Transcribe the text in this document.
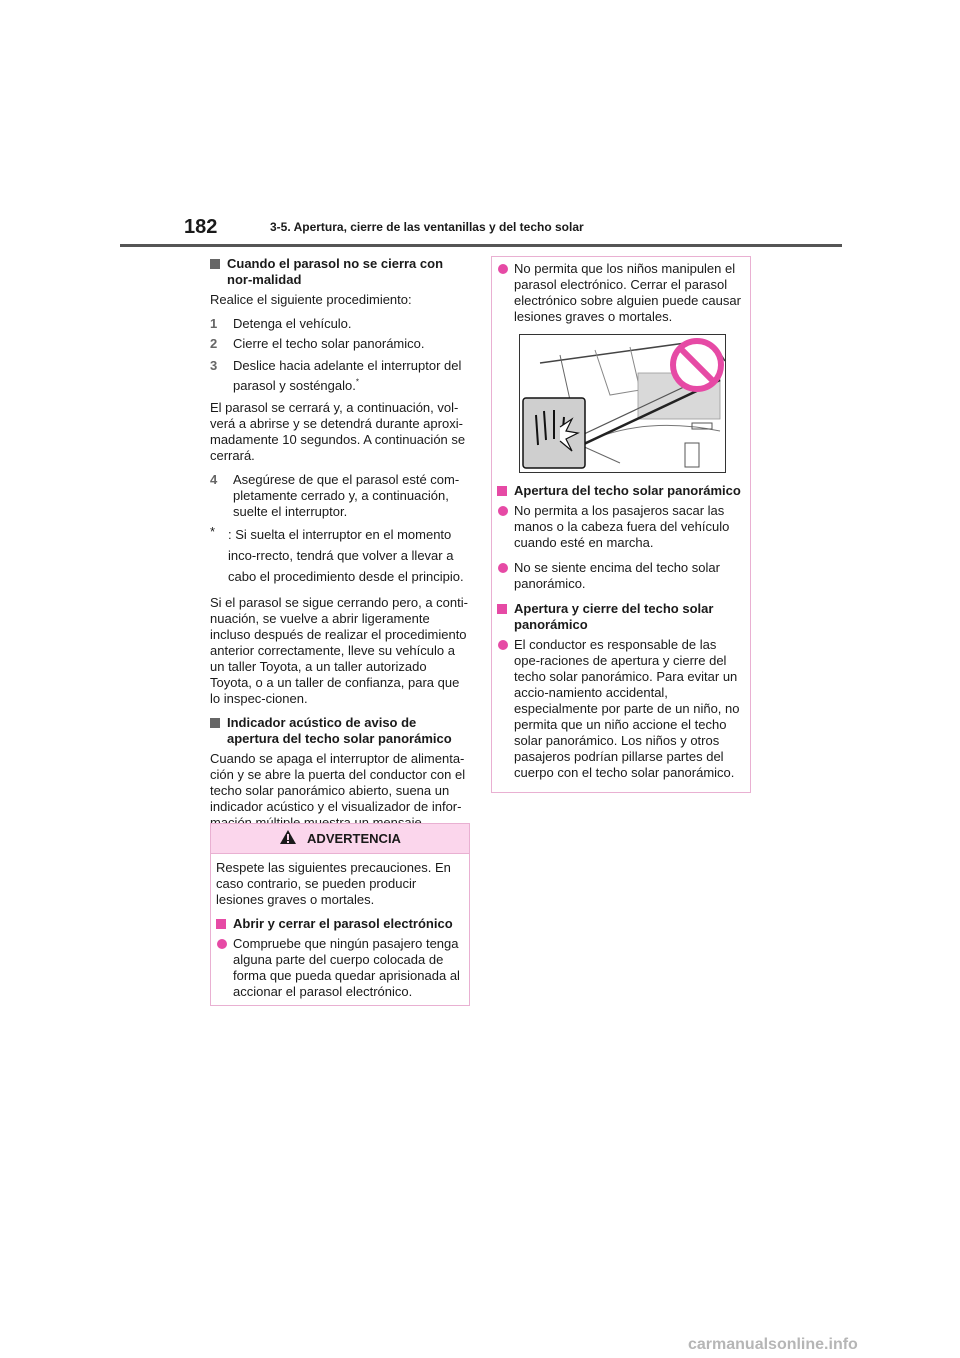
182	3-5. Apertura, cierre de las ventanillas y del techo solar
Cuando el parasol no se cierra con nor-malidad
Realice el siguiente procedimiento:
1 Detenga el vehículo.
2 Cierre el techo solar panorámico.
3 Deslice hacia adelante el interruptor del parasol y sosténgalo.*
El parasol se cerrará y, a continuación, vol-verá a abrirse y se detendrá durante aproxi-madamente 10 segundos. A continuación se cerrará.
4 Asegúrese de que el parasol esté com-pletamente cerrado y, a continuación, suelte el interruptor.
* : Si suelta el interruptor en el momento inco-rrecto, tendrá que volver a llevar a cabo el procedimiento desde el principio.
Si el parasol se sigue cerrando pero, a conti-nuación, se vuelve a abrir ligeramente incluso después de realizar el procedimiento anterior correctamente, lleve su vehículo a un taller Toyota, a un taller autorizado Toyota, o a un taller de confianza, para que lo inspec-cionen.
Indicador acústico de aviso de apertura del techo solar panorámico
Cuando se apaga el interruptor de alimenta-ción y se abre la puerta del conductor con el techo solar panorámico abierto, suena un indicador acústico y el visualizador de infor-
ADVERTENCIA
Respete las siguientes precauciones. En caso contrario, se pueden producir lesiones graves o mortales.
Abrir y cerrar el parasol electrónico
Compruebe que ningún pasajero tenga alguna parte del cuerpo colocada de forma que pueda quedar aprisionada al accionar el parasol electrónico.
No permita que los niños manipulen el parasol electrónico. Cerrar el parasol electrónico sobre alguien puede causar lesiones graves o mortales.
Apertura del techo solar panorámico
No permita a los pasajeros sacar las manos o la cabeza fuera del vehículo cuando esté en marcha.
No se siente encima del techo solar panorámico.
Apertura y cierre del techo solar panorámico
El conductor es responsable de las ope-raciones de apertura y cierre del techo solar panorámico. Para evitar un accio-namiento accidental, especialmente por parte de un niño, no permita que un niño accione el techo solar panorámico. Los niños y otros pasajeros podrían pillarse partes del cuerpo con el techo solar panorámico.
carmanualsonline.info
